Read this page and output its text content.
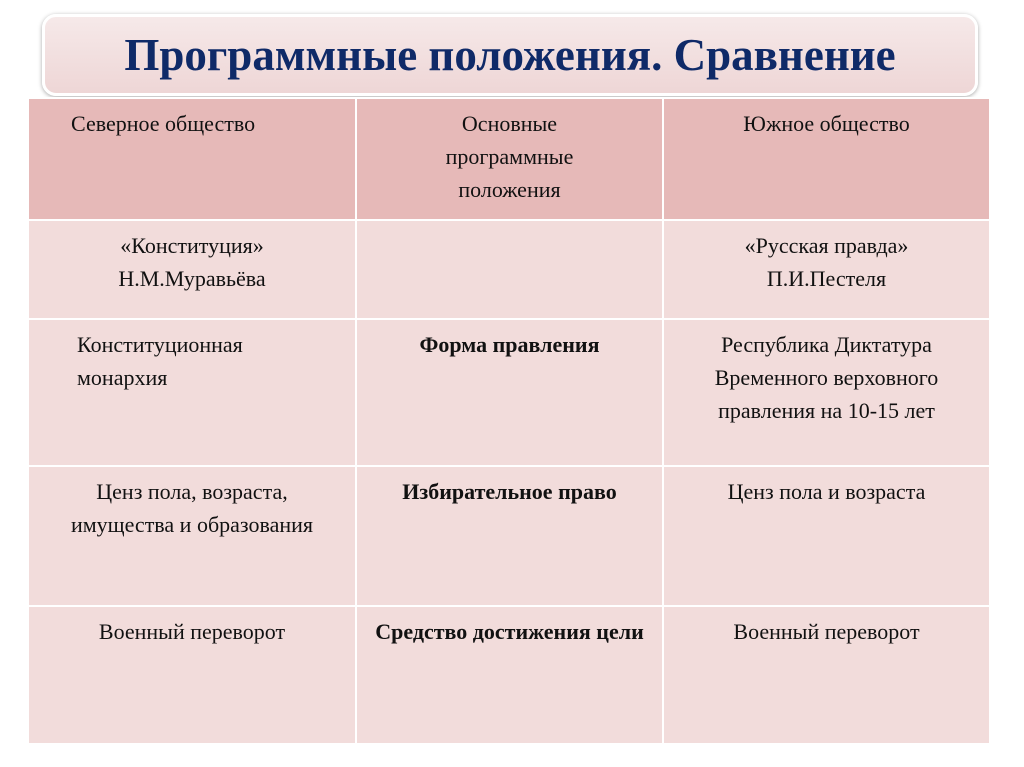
Программные положения. Сравнение
Северное общество	Основные программные положения	Южное общество

«Конституция» Н.М.Муравьёва		«Русская правда» П.И.Пестеля

Конституционная монархия	Форма правления	Республика Диктатура Временного верховного правления на 10-15 лет

Ценз пола, возраста, имущества и образования	Избирательное право	Ценз пола и возраста
Военный переворот	Средство достижения цели	Военный переворот
